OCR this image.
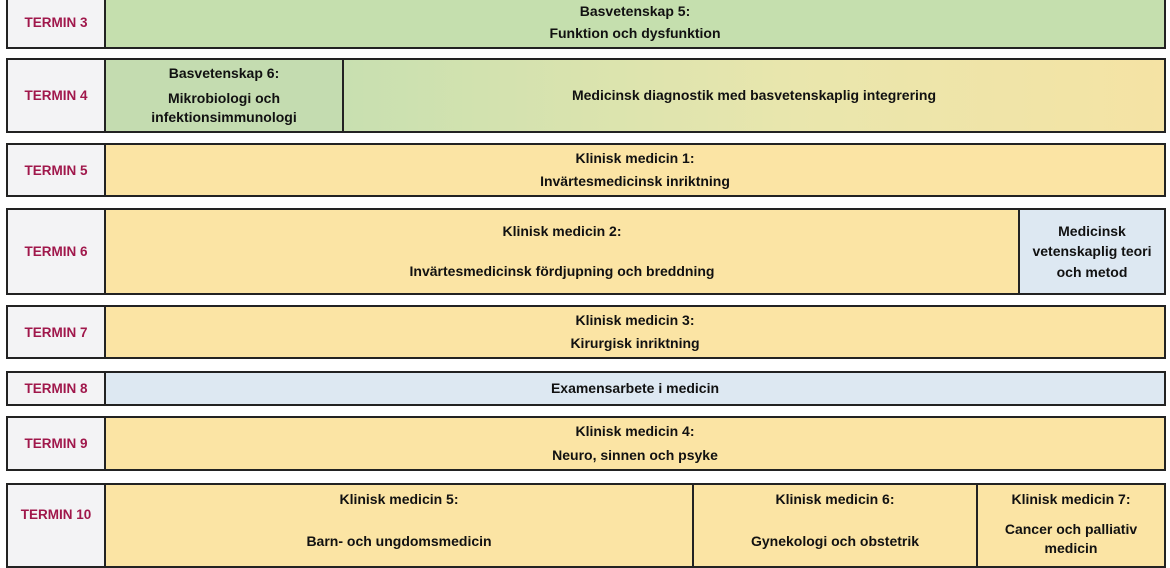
TERMIN 3
Basvetenskap 5:
Funktion och dysfunktion
TERMIN 4
Basvetenskap 6:
Mikrobiologi och infektionsimmunologi
Medicinsk diagnostik med basvetenskaplig integrering
TERMIN 5
Klinisk medicin 1:
Invärtesmedicinsk inriktning
TERMIN 6
Klinisk medicin 2:
Invärtesmedicinsk fördjupning och breddning
Medicinsk vetenskaplig teori och metod
TERMIN 7
Klinisk medicin 3:
Kirurgisk inriktning
TERMIN 8	Examensarbete i medicin
TERMIN 9
Klinisk medicin 4:
Neuro, sinnen och psyke
TERMIN 10
Klinisk medicin 5:
Barn- och ungdomsmedicin
Klinisk medicin 6:
Gynekologi och obstetrik
Klinisk medicin 7:
Cancer och palliativ medicin
